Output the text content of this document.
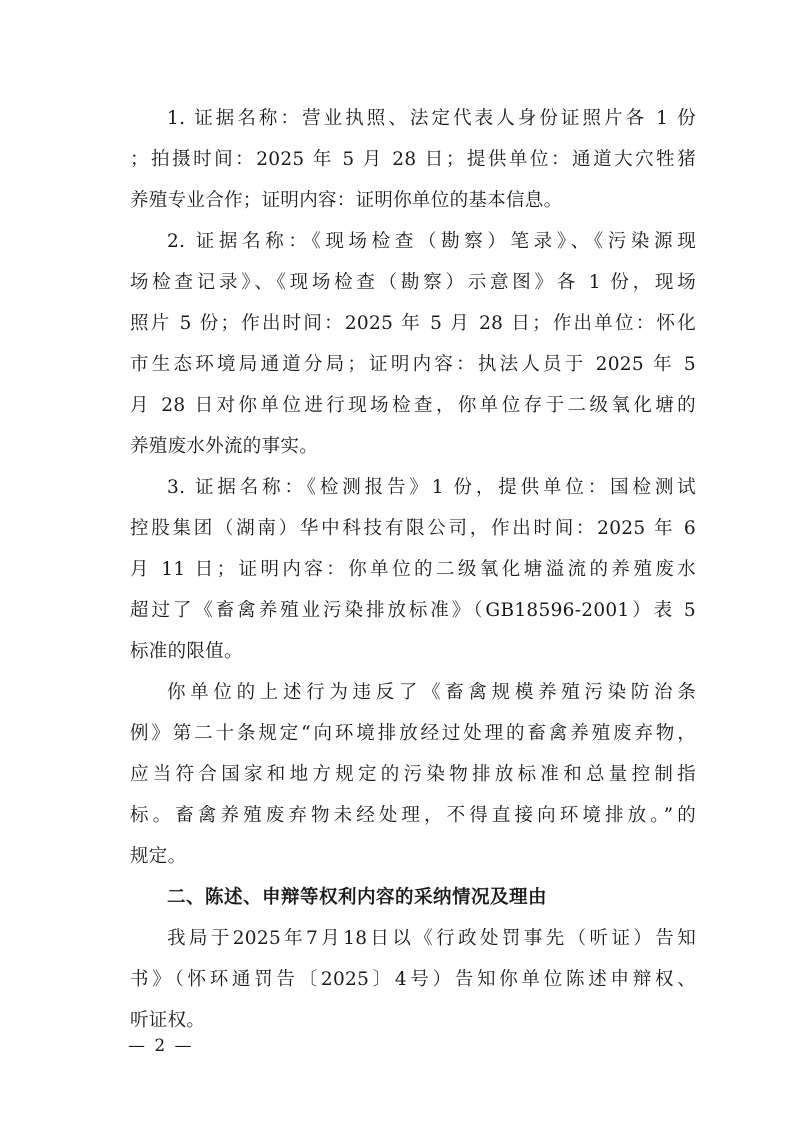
1. 证据名称：营业执照、法定代表人身份证照片各 1 份
；拍摄时间：2025 年 5 月 28 日；提供单位：通道大穴牲猪
养殖专业合作；证明内容：证明你单位的基本信息。

2. 证据名称：《现场检查（勘察）笔录》、《污染源现
场检查记录》、《现场检查（勘察）示意图》各 1 份，现场
照片 5 份；作出时间：2025 年 5 月 28 日；作出单位：怀化
市生态环境局通道分局；证明内容：执法人员于 2025 年 5
月 28 日对你单位进行现场检查，你单位存于二级氧化塘的
养殖废水外流的事实。

3. 证据名称：《检测报告》1 份，提供单位：国检测试
控股集团（湖南）华中科技有限公司，作出时间：2025 年 6
月 11 日；证明内容：你单位的二级氧化塘溢流的养殖废水
超过了《畜禽养殖业污染排放标准》（GB18596-2001）表 5
标准的限值。

你单位的上述行为违反了《畜禽规模养殖污染防治条
例》第二十条规定“向环境排放经过处理的畜禽养殖废弃物，
应当符合国家和地方规定的污染物排放标准和总量控制指
标。畜禽养殖废弃物未经处理，不得直接向环境排放。”的
规定。

二、陈述、申辩等权利内容的采纳情况及理由

我局于2025年7月18日以《行政处罚事先（听证）告知
书》（怀环通罚告〔2025〕4号）告知你单位陈述申辩权、
听证权。

— 2 —
